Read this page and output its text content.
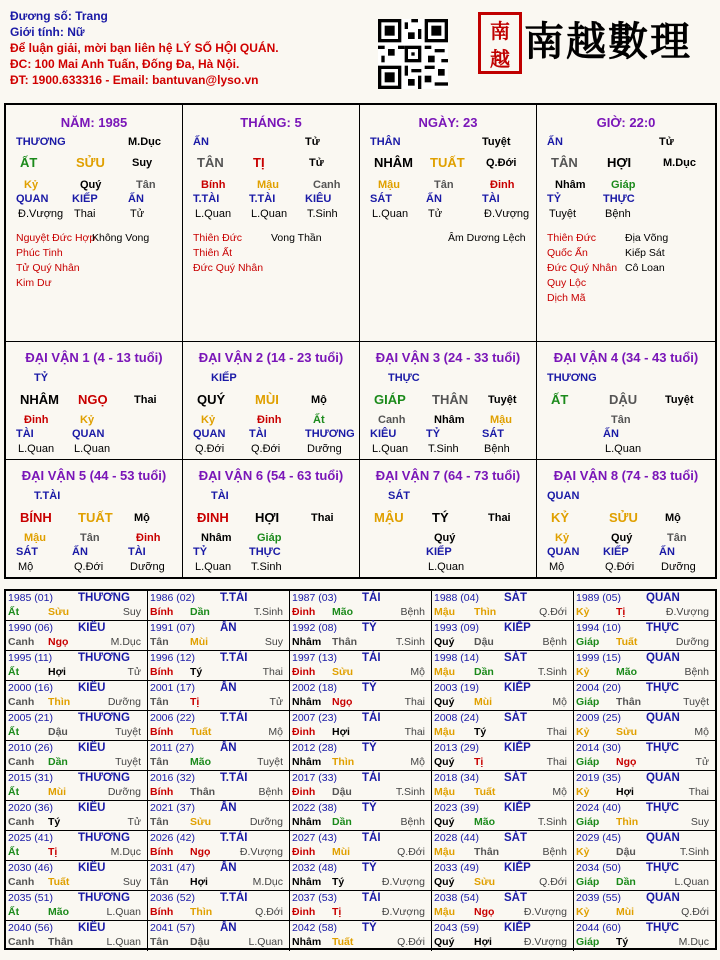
Đương số: Trang
Giới tính: Nữ
Để luận giải, mời bạn liên hệ LÝ SỐ HỘI QUÁN.
ĐC: 100 Mai Anh Tuấn, Đống Đa, Hà Nội.
ĐT: 1900.633316 - Email: bantuvan@lyso.vn
南越 南越數理
NĂM: 1985
THƯƠNG	M.Dục
ẤT	SỬU Suy
Kỷ	Quý	Tân
QUAN KIẾP	ẤN
Đ.Vượng Thai	Tử
Nguyệt Đức Hợp
Phúc Tinh
Tử Quý Nhân
Kim Dư
Không Vong
THÁNG: 5
ẤN	Tử
TÂN TỊ	Tử
Bính	Mậu	Canh
T.TÀI	T.TÀI	KIÊU
L.Quan L.Quan T.Sinh
Thiên Đức
Thiên Ất
Đức Quý Nhân
Vong Thần
NGÀY: 23
THÂN	Tuyệt
NHÂM TUẤT Q.Đới
Mậu	Tân	Đinh
SÁT	ẤN	TÀI
L.Quan Tử	Đ.Vượng
Âm Dương Lệch
GIỜ: 22:0
ẤN	Tử
TÂN HỢI	M.Dục
Nhâm Giáp
TỶ	THỰC
Tuyệt	Bệnh
Thiên Đức
Quốc Ấn
Đức Quý Nhân
Quy Lộc
Dịch Mã
Địa Võng
Kiếp Sát
Cô Loan
ĐẠI VẬN 1 (4 - 13 tuổi)
TỶ
NHÂM NGỌ Thai
Đinh	Kỷ
TÀI	QUAN
L.Quan L.Quan
ĐẠI VẬN 2 (14 - 23 tuổi)
KIẾP
QUÝ MÙI	Mộ
Kỷ	Đinh	Ất
QUAN TÀI	THƯƠNG
Q.Đới Q.Đới Dưỡng
ĐẠI VẬN 3 (24 - 33 tuổi)
THỰC
GIÁP THÂN Tuyệt
Canh	Nhâm Mậu
KIÊU	TỶ	SÁT
L.Quan T.Sinh Bệnh
ĐẠI VẬN 4 (34 - 43 tuổi)
THƯƠNG
ẤT	DẬU	Tuyệt
Tân
ẤN
L.Quan
ĐẠI VẬN 5 (44 - 53 tuổi)
T.TÀI
BÍNH TUẤT Mộ
Mậu	Tân	Đinh
SÁT	ẤN	TÀI
Mộ	Q.Đới Dưỡng
ĐẠI VẬN 6 (54 - 63 tuổi)
TÀI
ĐINH HỢI	Thai
Nhâm Giáp
TỶ	THỰC
L.Quan T.Sinh
ĐẠI VẬN 7 (64 - 73 tuổi)
SÁT
MẬU TÝ	Thai
Quý
KIẾP
L.Quan
ĐẠI VẬN 8 (74 - 83 tuổi)
QUAN
KỶ	SỬU Mộ
Kỷ	Quý	Tân
QUAN KIẾP	ẤN
Mộ	Q.Đới Dưỡng
1985 (01) THƯƠNG
Ất	Sửu	Suy
1986 (02) T.TÀI
Bính Dần	T.Sinh
1987 (03) TÀI
Đinh Mão	Bệnh
1988 (04) SÁT
Mậu Thìn	Q.Đới
1989 (05) QUAN
Kỷ	Tị	Đ.Vượng
1990 (06) KIÊU
Canh Ngọ	M.Dục
1991 (07) ẤN
Tân Mùi	Suy
1992 (08) TỶ
Nhâm Thân	T.Sinh
1993 (09) KIẾP
Quý Dậu	Bệnh
1994 (10) THỰC
Giáp Tuất	Dưỡng
1995 (11) THƯƠNG
Ất	Hợi	Tử
1996 (12) T.TÀI
Bính Tý	Thai
1997 (13) TÀI
Đinh Sửu	Mộ
1998 (14) SÁT
Mậu Dần	T.Sinh
1999 (15) QUAN
Kỷ	Mão	Bệnh
2000 (16) KIÊU
Canh Thìn	Dưỡng
2001 (17) ẤN
Tân Tị	Tử
2002 (18) TỶ
Nhâm Ngọ	Thai
2003 (19) KIẾP
Quý Mùi	Mộ
2004 (20) THỰC
Giáp Thân	Tuyệt
2005 (21) THƯƠNG
Ất	Dậu	Tuyệt
2006 (22) T.TÀI
Bính Tuất	Mộ
2007 (23) TÀI
Đinh Hợi	Thai
2008 (24) SÁT
Mậu Tý	Thai
2009 (25) QUAN
Kỷ	Sửu	Mộ
2010 (26) KIÊU
Canh Dần	Tuyệt
2011 (27) ẤN
Tân Mão	Tuyệt
2012 (28) TỶ
Nhâm Thìn	Mộ
2013 (29) KIẾP
Quý Tị	Thai
2014 (30) THỰC
Giáp Ngọ	Tử
2015 (31) THƯƠNG
Ất	Mùi	Dưỡng
2016 (32) T.TÀI
Bính Thân	Bệnh
2017 (33) TÀI
Đinh Dậu	T.Sinh
2018 (34) SÁT
Mậu Tuất	Mộ
2019 (35) QUAN
Kỷ	Hợi	Thai
2020 (36) KIÊU
Canh Tý	Tử
2021 (37) ẤN
Tân Sửu	Dưỡng
2022 (38) TỶ
Nhâm Dần	Bệnh
2023 (39) KIẾP
Quý Mão	T.Sinh
2024 (40) THỰC
Giáp Thìn	Suy
2025 (41) THƯƠNG
Ất	Tị	M.Dục
2026 (42) T.TÀI
Bính Ngọ	Đ.Vượng
2027 (43) TÀI
Đinh Mùi	Q.Đới
2028 (44) SÁT
Mậu Thân	Bệnh
2029 (45) QUAN
Kỷ	Dậu	T.Sinh
2030 (46) KIÊU
Canh Tuất	Suy
2031 (47) ẤN
Tân Hợi	M.Dục
2032 (48) TỶ
Nhâm Tý	Đ.Vượng
2033 (49) KIẾP
Quý Sửu	Q.Đới
2034 (50) THỰC
Giáp Dần	L.Quan
2035 (51) THƯƠNG
Ất	Mão	L.Quan
2036 (52) T.TÀI
Bính Thìn	Q.Đới
2037 (53) TÀI
Đinh Tị	Đ.Vượng
2038 (54) SÁT
Mậu Ngọ	Đ.Vượng
2039 (55) QUAN
Kỷ	Mùi	Q.Đới
2040 (56) KIÊU
Canh Thân	L.Quan
2041 (57) ẤN
Tân Dậu	L.Quan
2042 (58) TỶ
Nhâm Tuất	Q.Đới
2043 (59) KIẾP
Quý Hợi	Đ.Vượng
2044 (60) THỰC
Giáp Tý	M.Dục
